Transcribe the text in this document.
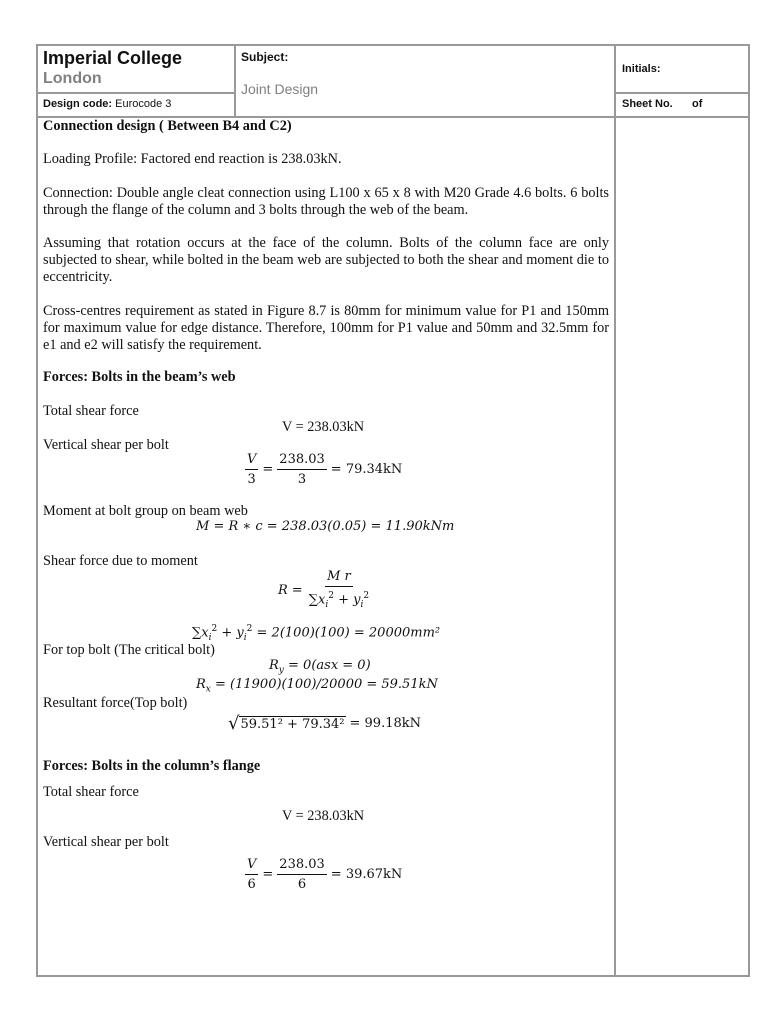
Imperial College
London
Subject:
Joint Design
Initials:
Design code: Eurocode 3	Sheet No. of
Connection design ( Between B4 and C2)
Loading Profile: Factored end reaction is 238.03kN.
Connection: Double angle cleat connection using L100 x 65 x 8 with M20 Grade 4.6 bolts. 6 bolts through the flange of the column and 3 bolts through the web of the beam.
Assuming that rotation occurs at the face of the column. Bolts of the column face are only subjected to shear, while bolted in the beam web are subjected to both the shear and moment die to eccentricity.
Cross-centres requirement as stated in Figure 8.7 is 80mm for minimum value for P1 and 150mm for maximum value for edge distance. Therefore, 100mm for P1 value and 50mm and 32.5mm for e1 and e2 will satisfy the requirement.
Forces: Bolts in the beam’s web
Total shear force
V = 238.03kN
Vertical shear per bolt
$\frac{V}{3} = \frac{238.03}{3} = 79.34kN$
Moment at bolt group on beam web
M = R ∗ c = 238.03(0.05) = 11.90kNm
Shear force due to moment
$R = \frac{\text{M r}}{\sum x_i^2 + y_i^2}$
$\sum x_i^2 + y_i^2 = 2(100)(100) = 20000mm^2$
For top bolt (The critical bolt)
$R_y = 0(asx = 0)$
$R_x = (11900)(100)/20000 = 59.51kN$
Resultant force(Top bolt)
√ 59.51² + 79.34² = 99.18kN
Forces: Bolts in the column’s flange
Total shear force
V = 238.03kN
Vertical shear per bolt
$\frac{V}{6} = \frac{238.03}{6} = 39.67kN$
